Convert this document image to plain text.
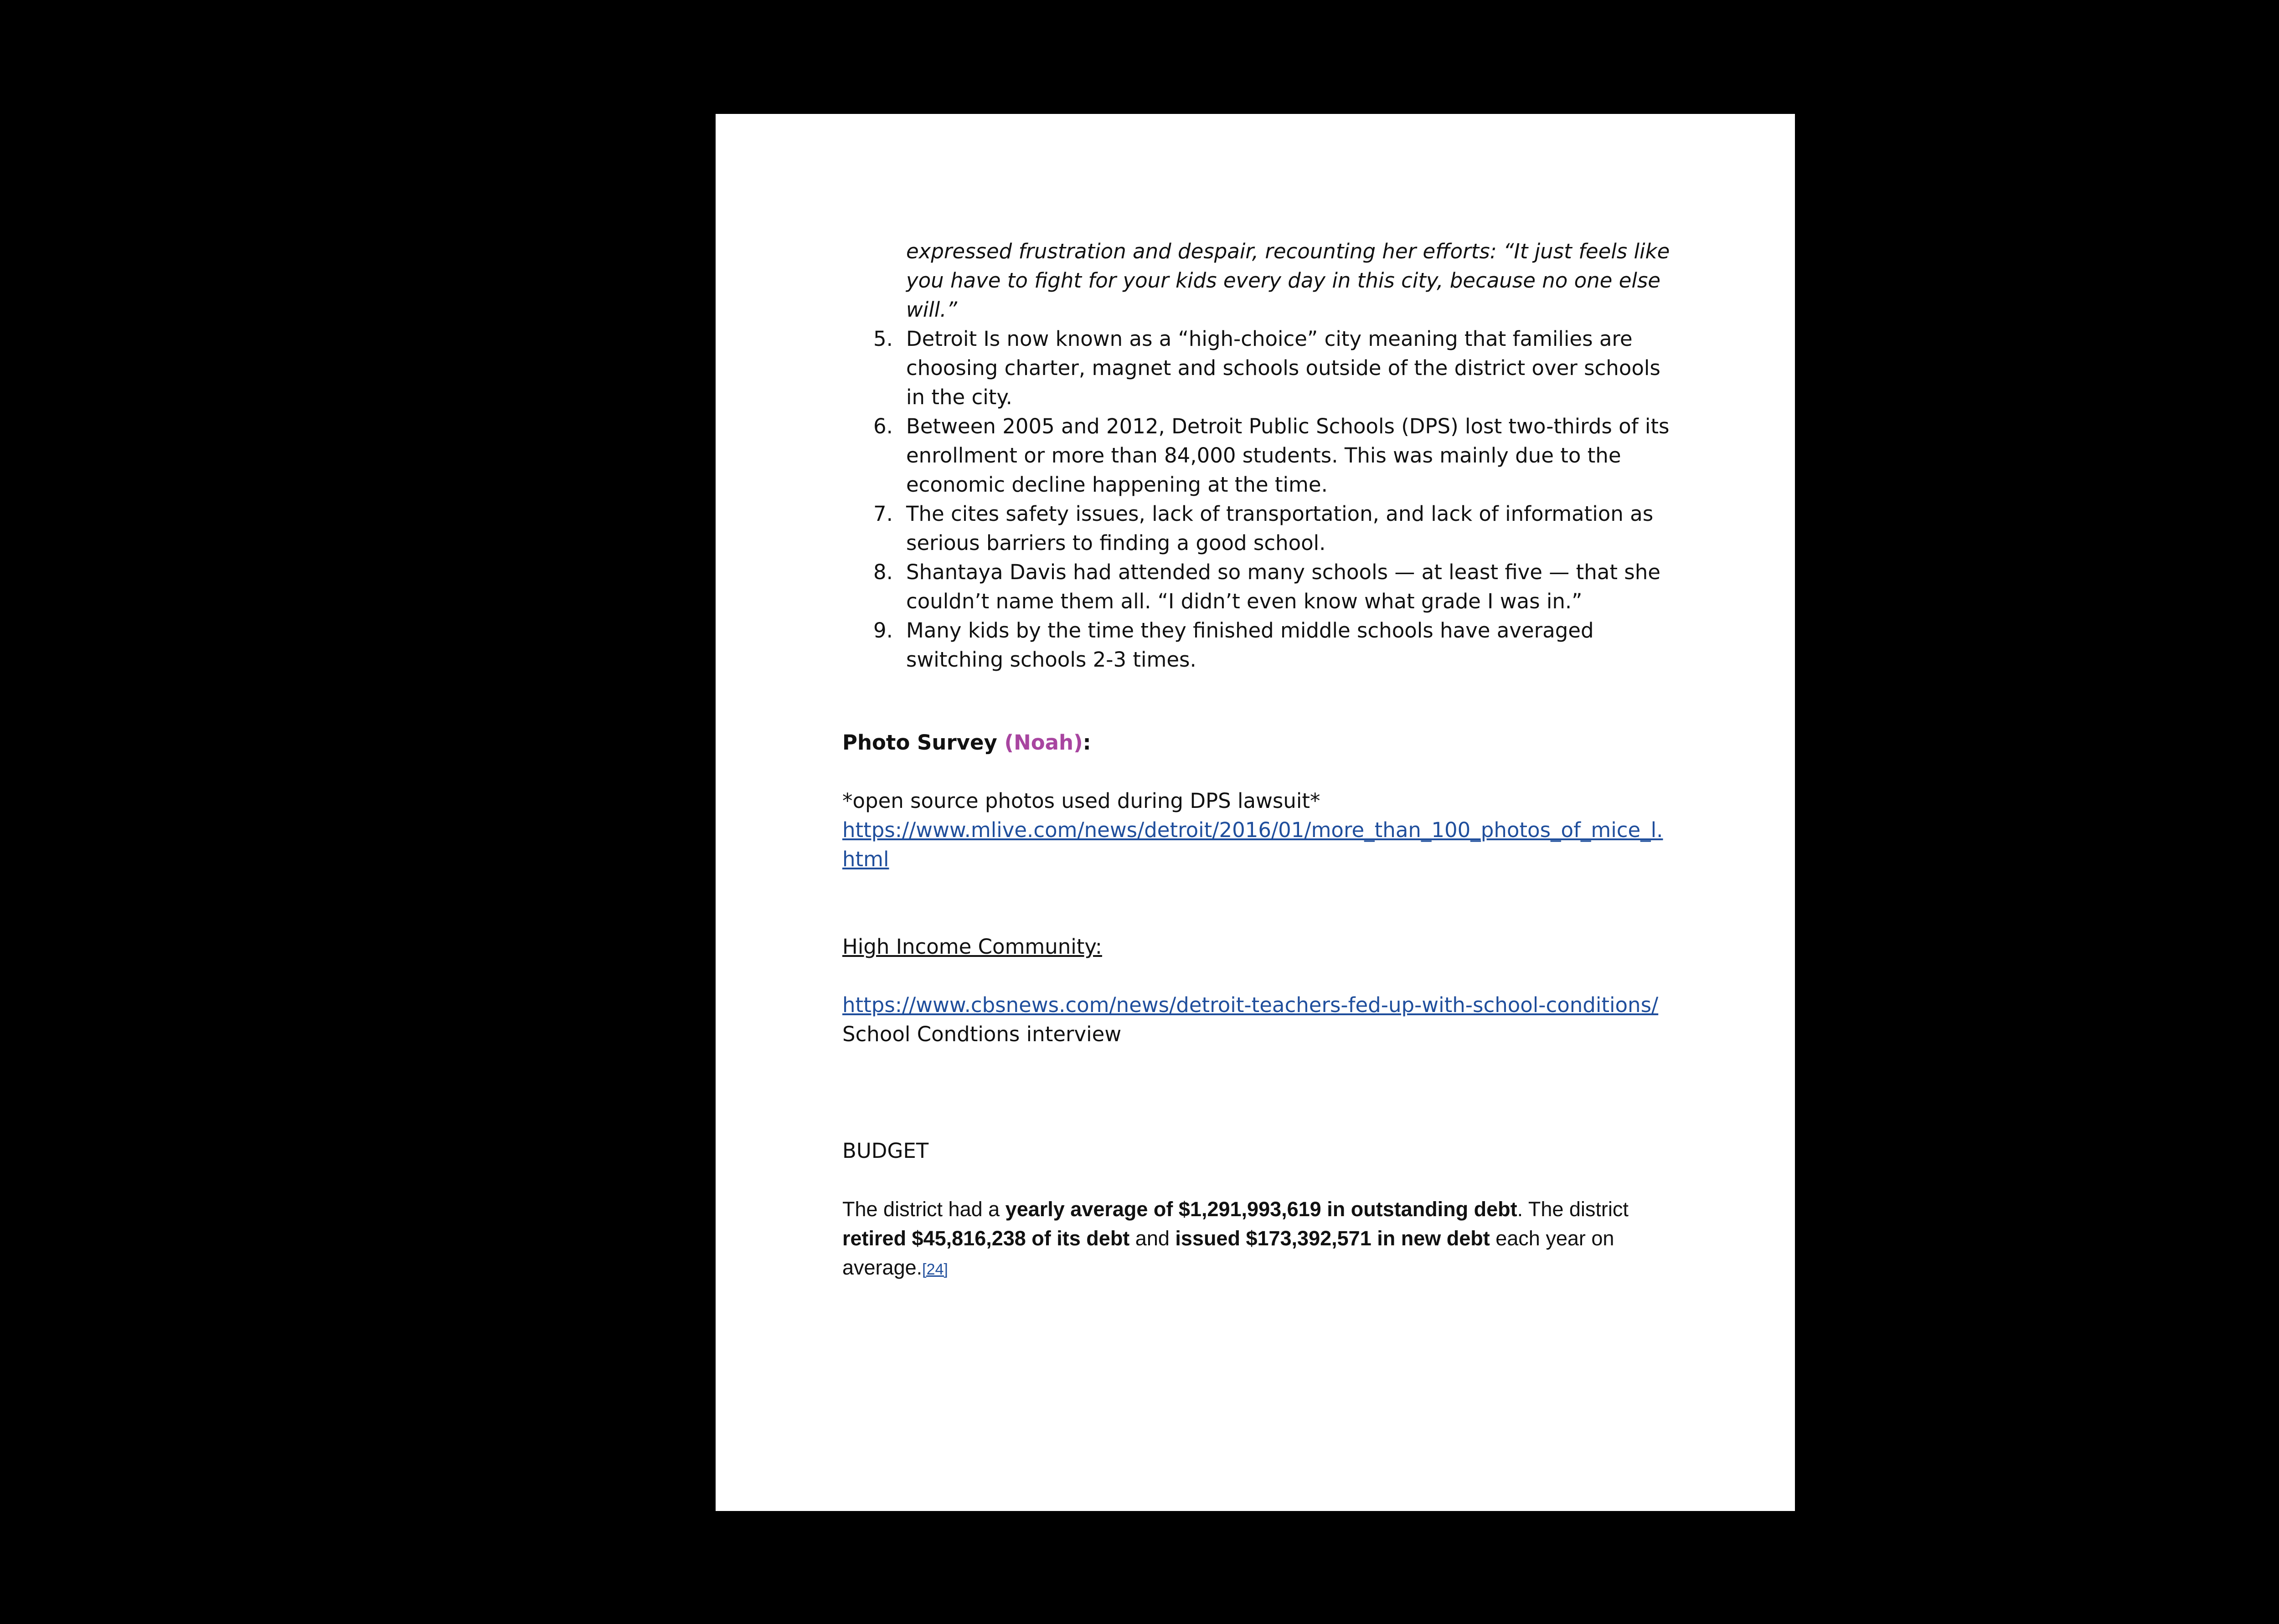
expressed frustration and despair, recounting her efforts: “It just feels like you have to fight for your kids every day in this city, because no one else will.”
5. Detroit Is now known as a “high-choice” city meaning that families are choosing charter, magnet and schools outside of the district over schools in the city.
6. Between 2005 and 2012, Detroit Public Schools (DPS) lost two-thirds of its enrollment or more than 84,000 students. This was mainly due to the economic decline happening at the time.
7. The cites safety issues, lack of transportation, and lack of information as serious barriers to finding a good school.
8. Shantaya Davis had attended so many schools — at least five — that she couldn’t name them all. “I didn’t even know what grade I was in.”
9. Many kids by the time they finished middle schools have averaged switching schools 2-3 times.
Photo Survey (Noah):
*open source photos used during DPS lawsuit*
https://www.mlive.com/news/detroit/2016/01/more_than_100_photos_of_mice_l.html
High Income Community:
https://www.cbsnews.com/news/detroit-teachers-fed-up-with-school-conditions/
School Condtions interview
BUDGET
The district had a yearly average of $1,291,993,619 in outstanding debt. The district retired $45,816,238 of its debt and issued $173,392,571 in new debt each year on average.[24]
